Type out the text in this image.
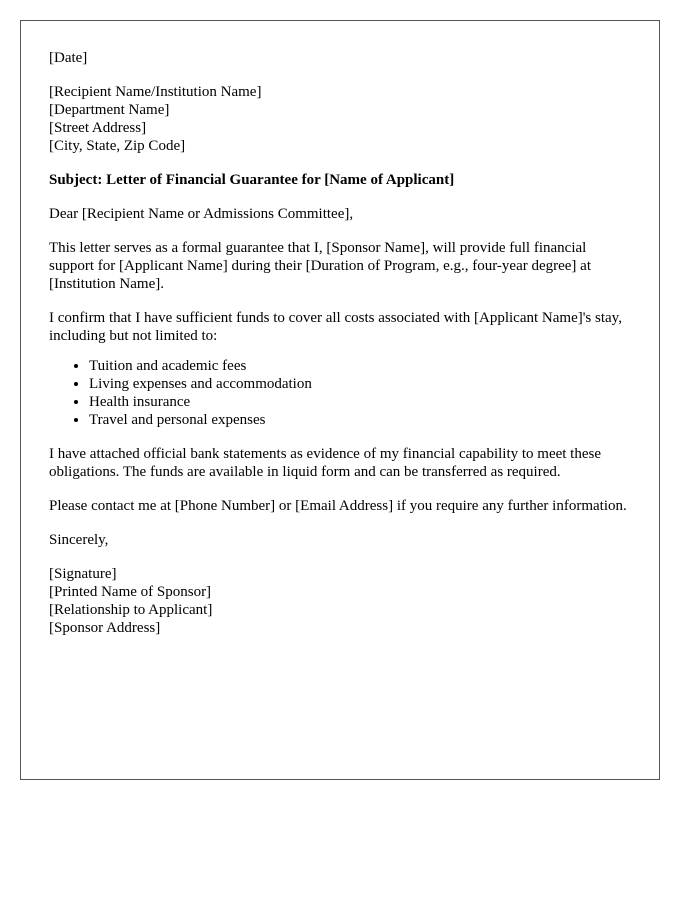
[Date]
[Recipient Name/Institution Name]
[Department Name]
[Street Address]
[City, State, Zip Code]

Subject: Letter of Financial Guarantee for [Name of Applicant]

Dear [Recipient Name or Admissions Committee],

This letter serves as a formal guarantee that I, [Sponsor Name], will provide full financial support for [Applicant Name] during their [Duration of Program, e.g., four-year degree] at [Institution Name].

I confirm that I have sufficient funds to cover all costs associated with [Applicant Name]'s stay, including but not limited to:

• Tuition and academic fees
• Living expenses and accommodation
• Health insurance
• Travel and personal expenses

I have attached official bank statements as evidence of my financial capability to meet these obligations. The funds are available in liquid form and can be transferred as required.

Please contact me at [Phone Number] or [Email Address] if you require any further information.

Sincerely,

[Signature]
[Printed Name of Sponsor]
[Relationship to Applicant]
[Sponsor Address]
